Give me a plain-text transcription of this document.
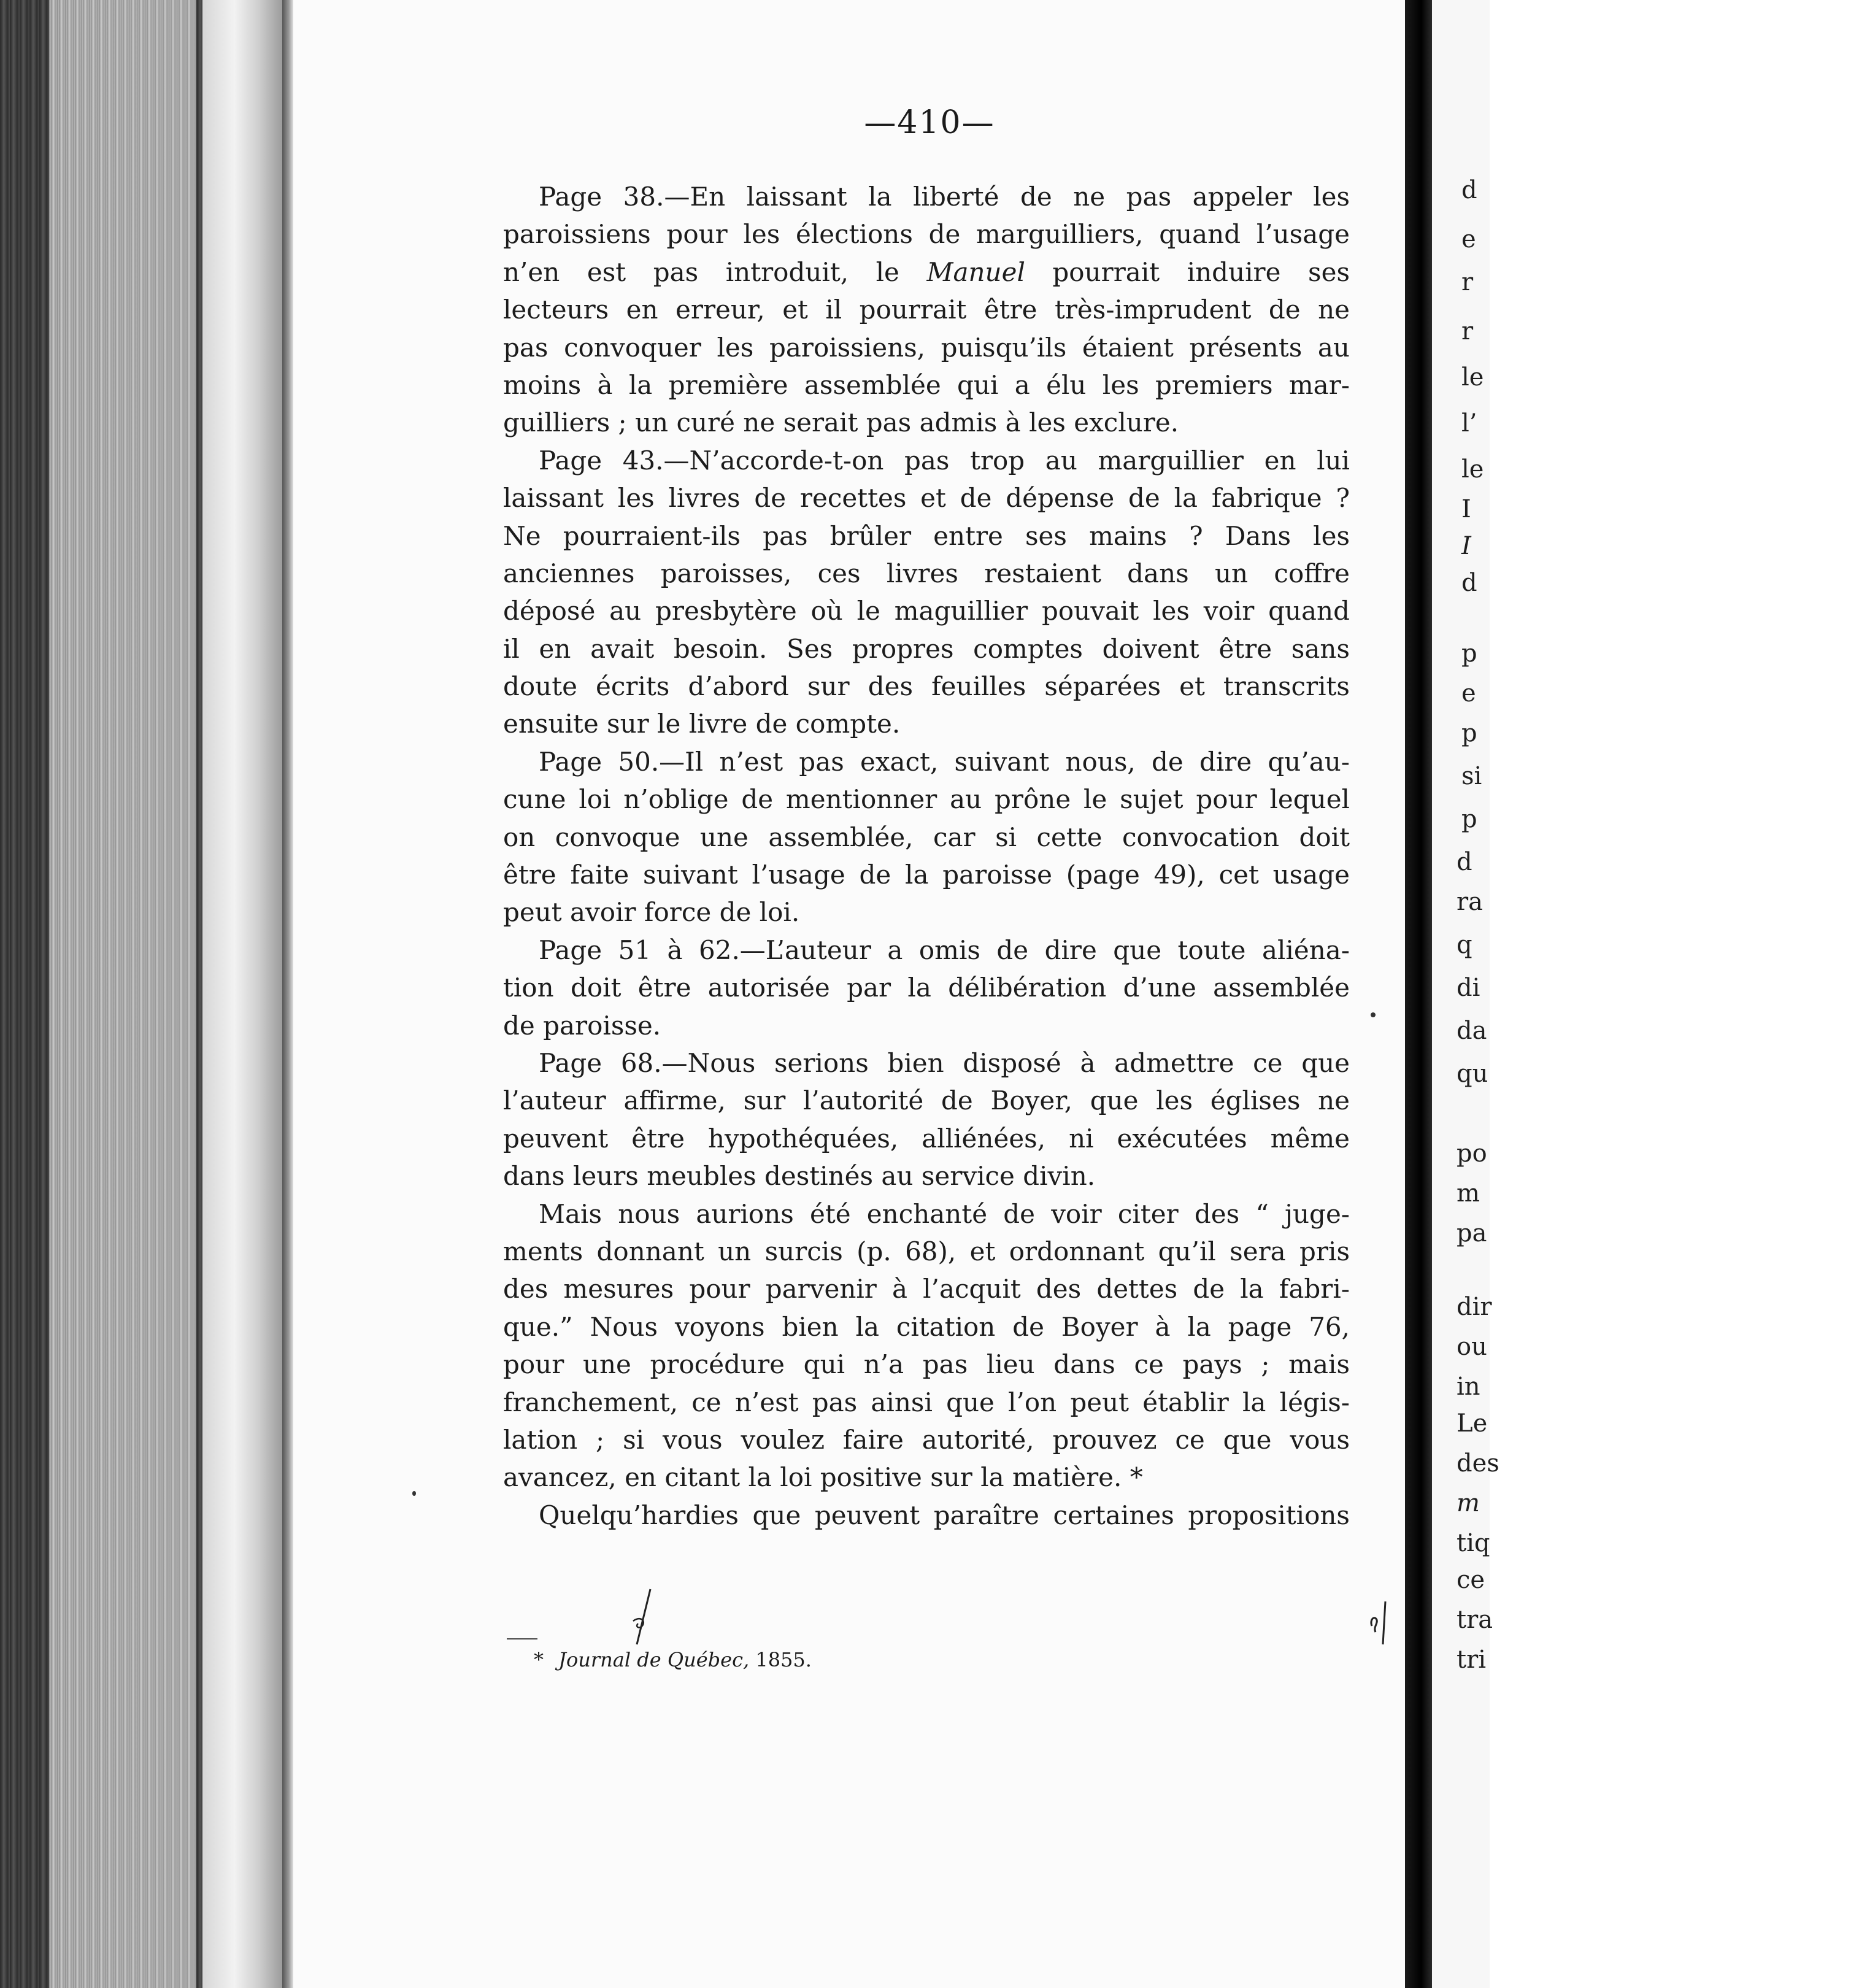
—410—
Page 38.—En laissant la liberté de ne pas appeler les
paroissiens pour les élections de marguilliers, quand l’usage
n’en est pas introduit, le Manuel pourrait induire ses
lecteurs en erreur, et il pourrait être très-imprudent de ne
pas convoquer les paroissiens, puisqu’ils étaient présents au
moins à la première assemblée qui a élu les premiers mar-
guilliers ; un curé ne serait pas admis à les exclure.
Page 43.—N’accorde-t-on pas trop au marguillier en lui
laissant les livres de recettes et de dépense de la fabrique ?
Ne pourraient-ils pas brûler entre ses mains ? Dans les
anciennes paroisses, ces livres restaient dans un coffre
déposé au presbytère où le maguillier pouvait les voir quand
il en avait besoin. Ses propres comptes doivent être sans
doute écrits d’abord sur des feuilles séparées et transcrits
ensuite sur le livre de compte.
Page 50.—Il n’est pas exact, suivant nous, de dire qu’au-
cune loi n’oblige de mentionner au prône le sujet pour lequel
on convoque une assemblée, car si cette convocation doit
être faite suivant l’usage de la paroisse (page 49), cet usage
peut avoir force de loi.
Page 51 à 62.—L’auteur a omis de dire que toute aliéna-
tion doit être autorisée par la délibération d’une assemblée
de paroisse.
Page 68.—Nous serions bien disposé à admettre ce que
l’auteur affirme, sur l’autorité de Boyer, que les églises ne
peuvent être hypothéquées, alliénées, ni exécutées même
dans leurs meubles destinés au service divin.
Mais nous aurions été enchanté de voir citer des “ juge-
ments donnant un surcis (p. 68), et ordonnant qu’il sera pris
des mesures pour parvenir à l’acquit des dettes de la fabri-
que.” Nous voyons bien la citation de Boyer à la page 76,
pour une procédure qui n’a pas lieu dans ce pays ; mais
franchement, ce n’est pas ainsi que l’on peut établir la légis-
lation ; si vous voulez faire autorité, prouvez ce que vous
avancez, en citant la loi positive sur la matière. *
Quelqu’hardies que peuvent paraître certaines propositions
* Journal de Québec, 1855.
d
e
r
r
le
l’
le
I
I
d
p
e
p
si
p
d
ra
q
di
da
qu
po
m
pa
dir
ou
in
Le
des
m
tiq
ce
tra
tri
